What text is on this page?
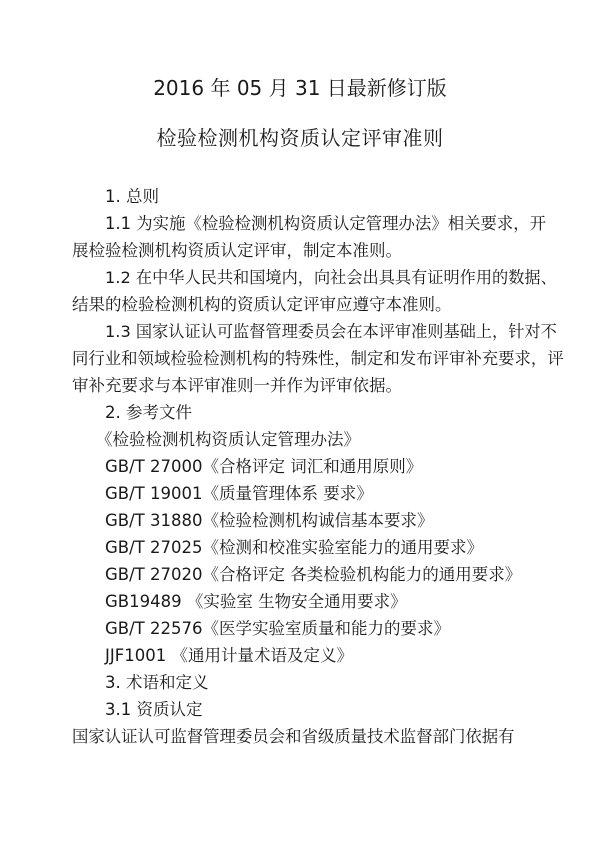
2016 年 05 月 31 日最新修订版
检验检测机构资质认定评审准则
1. 总则
1.1 为实施《检验检测机构资质认定管理办法》相关要求，开
展检验检测机构资质认定评审，制定本准则。
1.2 在中华人民共和国境内，向社会出具具有证明作用的数据、
结果的检验检测机构的资质认定评审应遵守本准则。
1.3 国家认证认可监督管理委员会在本评审准则基础上，针对不
同行业和领域检验检测机构的特殊性，制定和发布评审补充要求，评
审补充要求与本评审准则一并作为评审依据。
2. 参考文件
《检验检测机构资质认定管理办法》
GB/T 27000《合格评定 词汇和通用原则》
GB/T 19001《质量管理体系 要求》
GB/T 31880《检验检测机构诚信基本要求》
GB/T 27025《检测和校准实验室能力的通用要求》
GB/T 27020《合格评定 各类检验机构能力的通用要求》
GB19489 《实验室 生物安全通用要求》
GB/T 22576《医学实验室质量和能力的要求》
JJF1001 《通用计量术语及定义》
3. 术语和定义
3.1 资质认定
国家认证认可监督管理委员会和省级质量技术监督部门依据有
